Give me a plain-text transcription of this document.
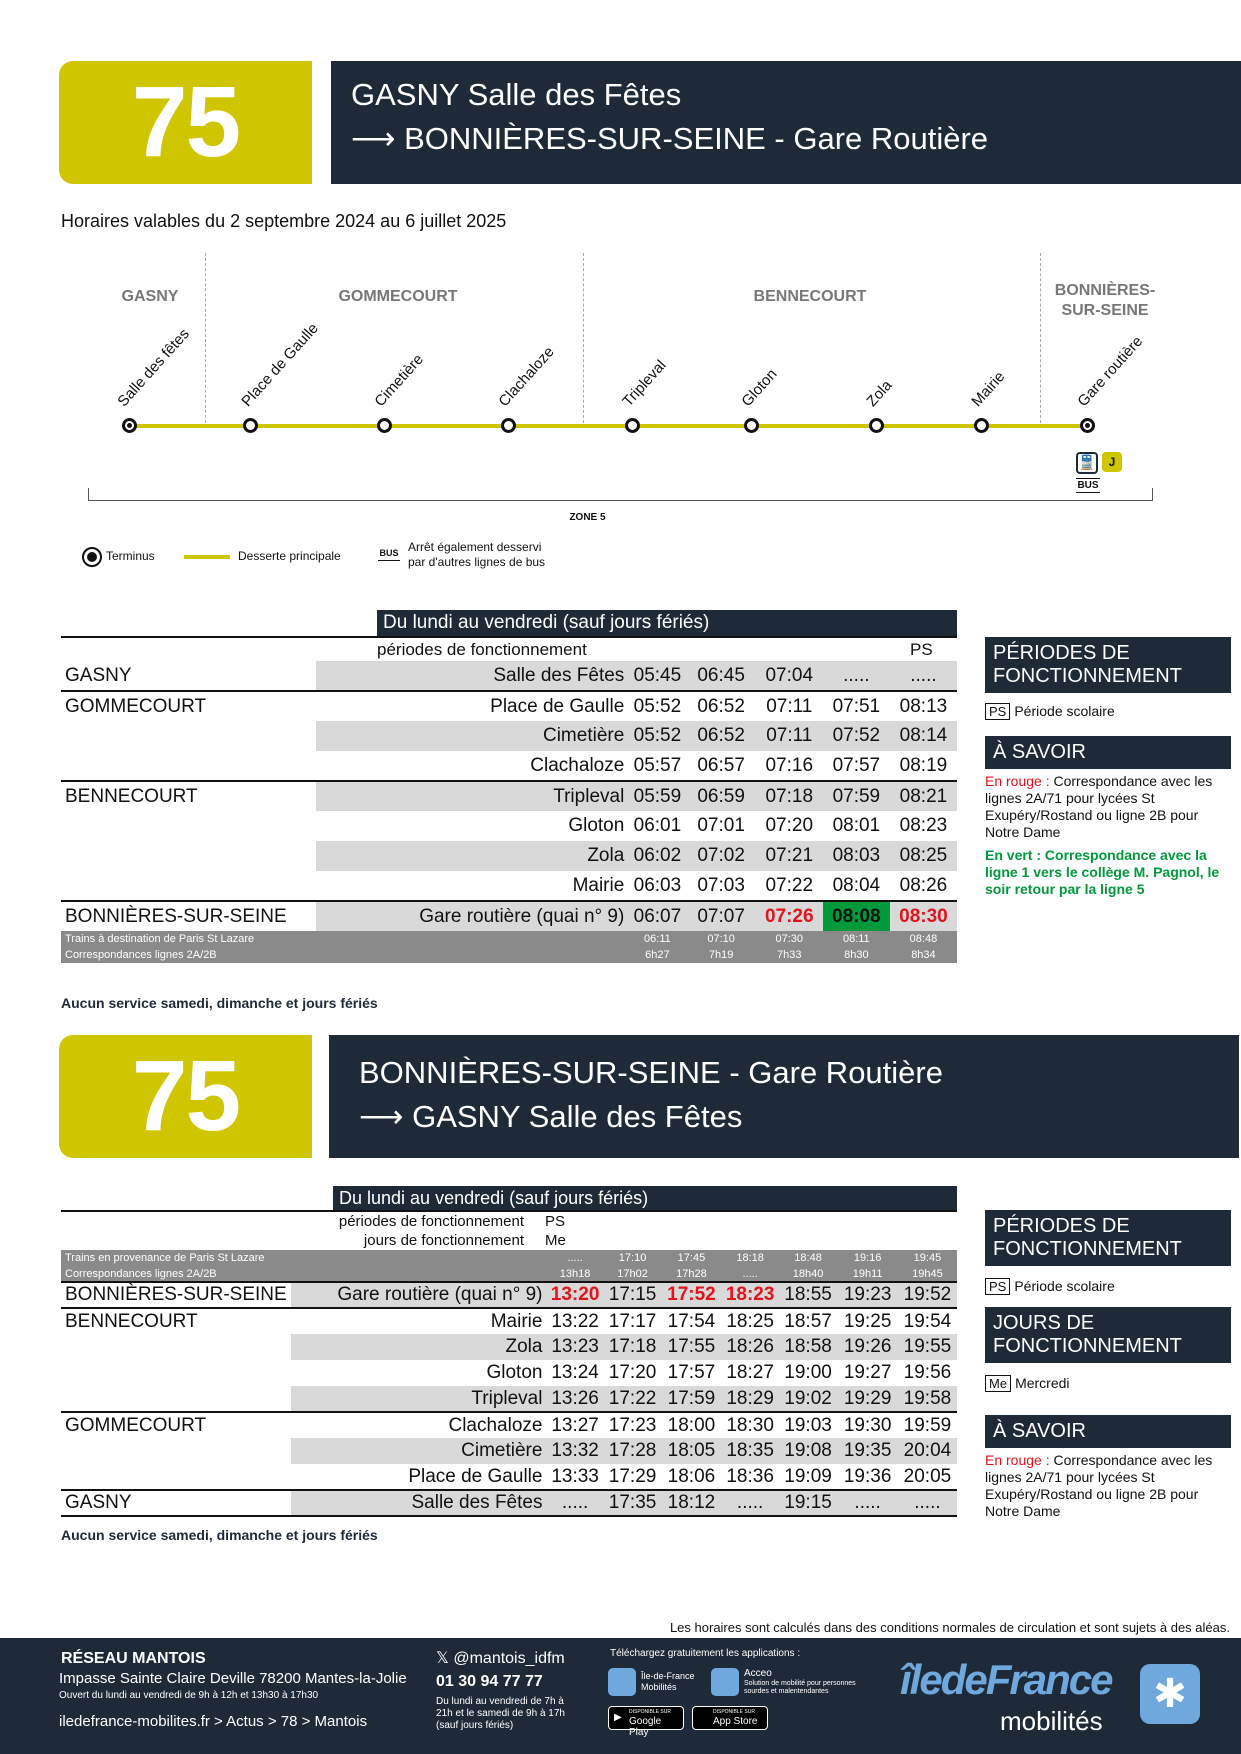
75	GASNY Salle des Fêtes
⟶ BONNIÈRES-SUR-SEINE - Gare Routière
Horaires valables du 2 septembre 2024 au 6 juillet 2025
GASNY	GOMMECOURT	BENNECOURT	BONNIÈRES-
SUR-SEINE
Salle des fêtes	Place de Gaulle	Cimetière	Clachaloze	Tripleval	Gloton	Zola	Mairie	Gare routière
🚆	J
BUS
ZONE 5
Terminus	Desserte principale	BUS Arrêt également desservi
par d'autres lignes de bus
Du lundi au vendredi (sauf jours fériés)
périodes de fonctionnement	PS
GASNY	Salle des Fêtes	05:45	06:45	07:04	.....	.....
GOMMECOURT	Place de Gaulle	05:52	06:52	07:11	07:51	08:13
	Cimetière	05:52	06:52	07:11	07:52	08:14
	Clachaloze	05:57	06:57	07:16	07:57	08:19
BENNECOURT	Tripleval	05:59	06:59	07:18	07:59	08:21
	Gloton	06:01	07:01	07:20	08:01	08:23
	Zola	06:02	07:02	07:21	08:03	08:25
	Mairie	06:03	07:03	07:22	08:04	08:26
BONNIÈRES-SUR-SEINE	Gare routière (quai n° 9)	06:07	07:07	07:26	08:08	08:30
Trains à destination de Paris St Lazare		06:11	07:10	07:30	08:11	08:48
Correspondances lignes 2A/2B		6h27	7h19	7h33	8h30	8h34
Aucun service samedi, dimanche et jours fériés
PÉRIODES DE
FONCTIONNEMENT
PS Période scolaire
À SAVOIR
En rouge : Correspondance avec les lignes 2A/71 pour lycées St Exupéry/Rostand ou ligne 2B pour Notre Dame
En vert : Correspondance avec la ligne 1 vers le collège M. Pagnol, le soir retour par la ligne 5
75	BONNIÈRES-SUR-SEINE - Gare Routière
⟶ GASNY Salle des Fêtes
Du lundi au vendredi (sauf jours fériés)
périodes de fonctionnement
jours de fonctionnement
PS
Me
Trains en provenance de Paris St Lazare		.....	17:10	17:45	18:18	18:48	19:16	19:45
Correspondances lignes 2A/2B		13h18	17h02	17h28	.....	18h40	19h11	19h45
BONNIÈRES-SUR-SEINE	Gare routière (quai n° 9)	13:20	17:15	17:52	18:23	18:55	19:23	19:52
BENNECOURT	Mairie	13:22	17:17	17:54	18:25	18:57	19:25	19:54
	Zola	13:23	17:18	17:55	18:26	18:58	19:26	19:55
	Gloton	13:24	17:20	17:57	18:27	19:00	19:27	19:56
	Tripleval	13:26	17:22	17:59	18:29	19:02	19:29	19:58
GOMMECOURT	Clachaloze	13:27	17:23	18:00	18:30	19:03	19:30	19:59
	Cimetière	13:32	17:28	18:05	18:35	19:08	19:35	20:04
	Place de Gaulle	13:33	17:29	18:06	18:36	19:09	19:36	20:05
GASNY	Salle des Fêtes	.....	17:35	18:12	.....	19:15	.....	.....
Aucun service samedi, dimanche et jours fériés
PÉRIODES DE
FONCTIONNEMENT
PS Période scolaire
JOURS DE
FONCTIONNEMENT
Me Mercredi
À SAVOIR
En rouge : Correspondance avec les lignes 2A/71 pour lycées St Exupéry/Rostand ou ligne 2B pour Notre Dame
Les horaires sont calculés dans des conditions normales de circulation et sont sujets à des aléas.
RÉSEAU MANTOIS
Impasse Sainte Claire Deville 78200 Mantes-la-Jolie
Ouvert du lundi au vendredi de 9h à 12h et 13h30 à 17h30
iledefrance-mobilites.fr > Actus > 78 > Mantois
𝕏 @mantois_idfm
01 30 94 77 77
Du lundi au vendredi de 7h à 21h et le samedi de 9h à 17h (sauf jours fériés)
Téléchargez gratuitement les applications :
Île-de-France Mobilités
Acceo
Solution de mobilité pour personnes sourdes et malentendantes
DISPONIBLE SUR
Google Play
▶	DISPONIBLE SUR
App Store
îledeFrance
mobilités
✱
